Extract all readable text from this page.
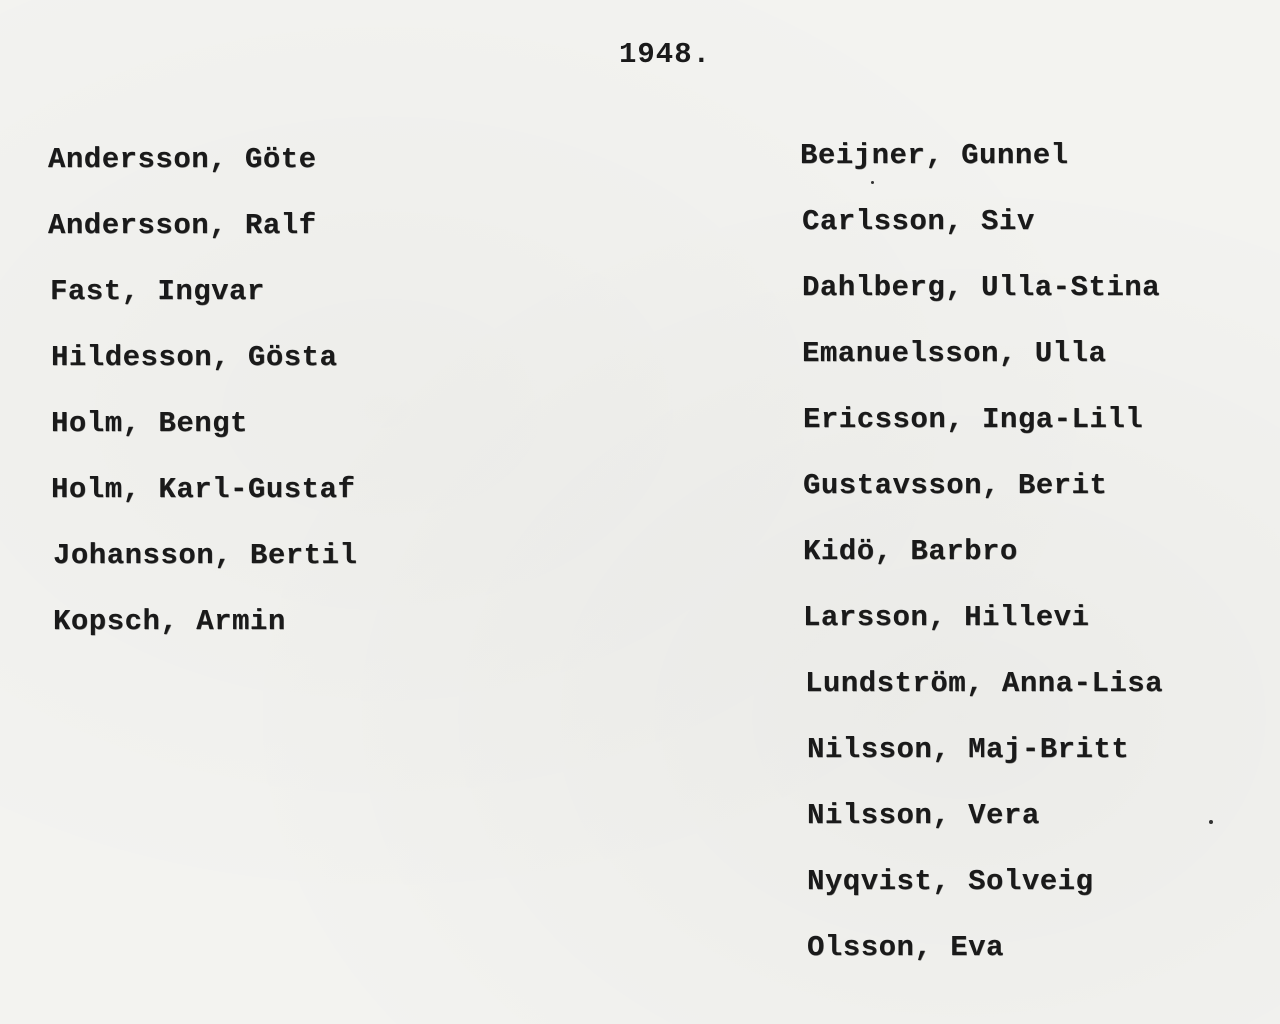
1948.
Andersson, Göte
Andersson, Ralf
Fast, Ingvar
Hildesson, Gösta
Holm, Bengt
Holm, Karl-Gustaf
Johansson, Bertil
Kopsch, Armin
Beijner, Gunnel
Carlsson, Siv
Dahlberg, Ulla-Stina
Emanuelsson, Ulla
Ericsson, Inga-Lill
Gustavsson, Berit
Kidö, Barbro
Larsson, Hillevi
Lundström, Anna-Lisa
Nilsson, Maj-Britt
Nilsson, Vera
Nyqvist, Solveig
Olsson, Eva
